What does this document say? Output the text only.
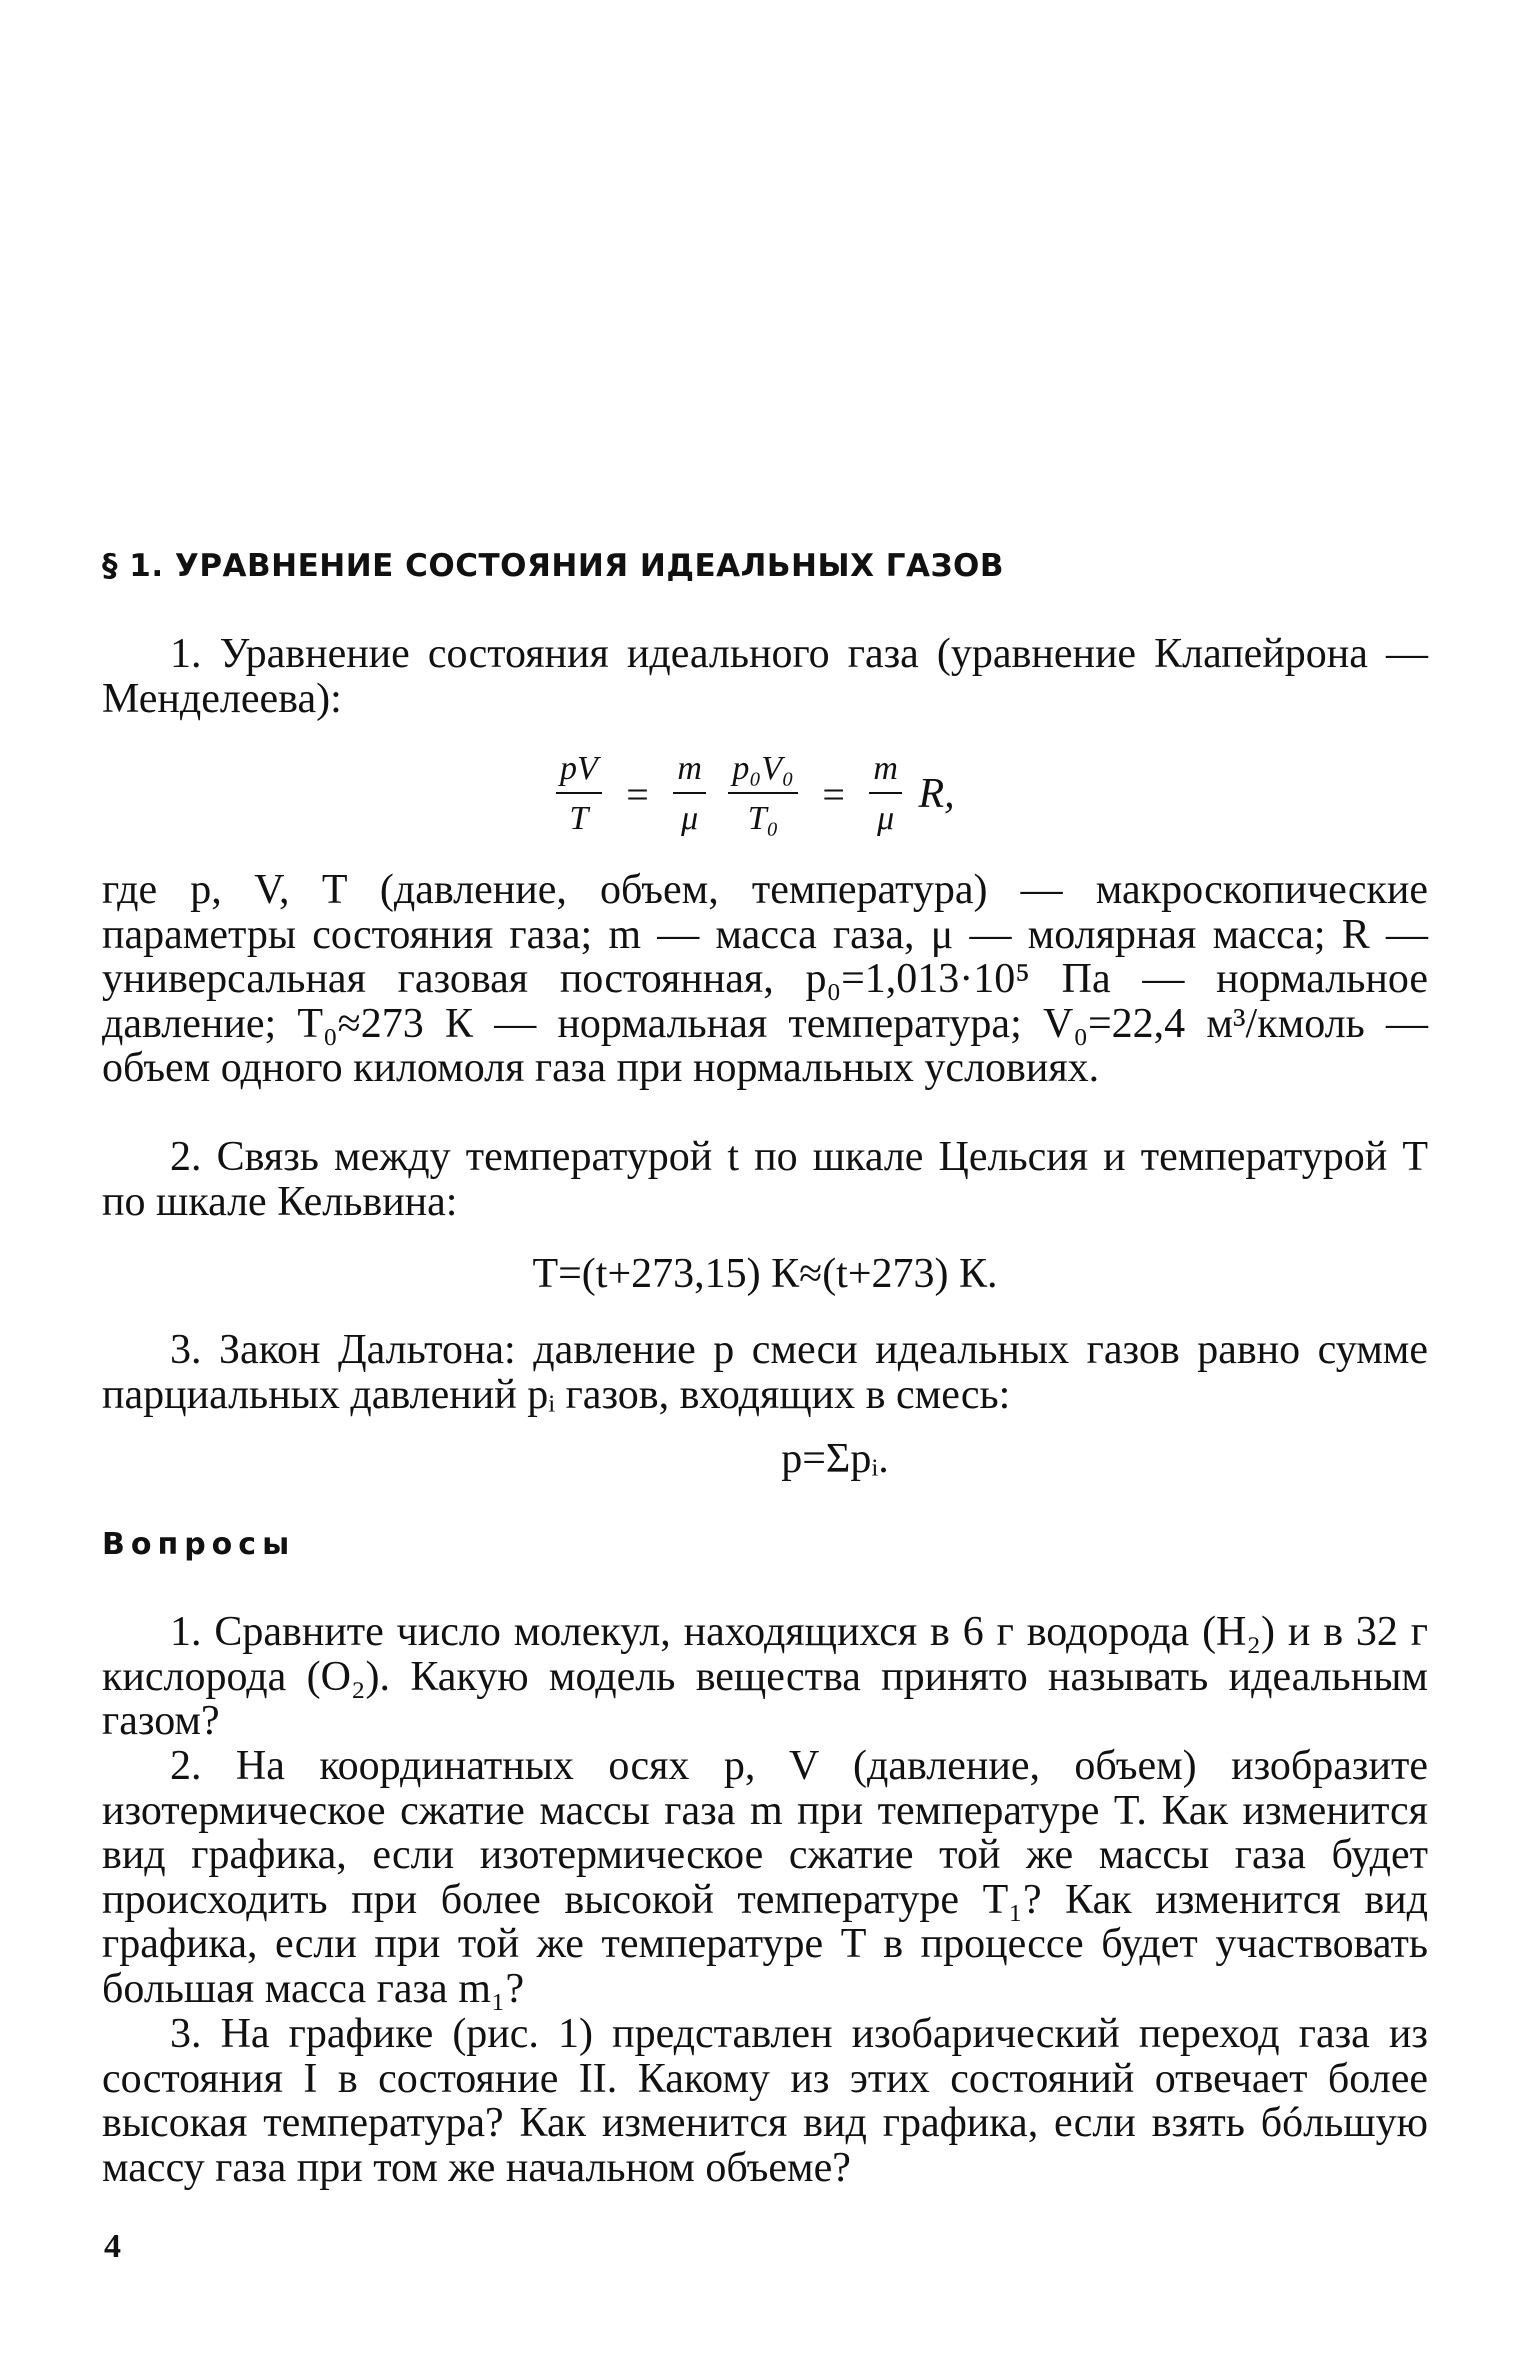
§ 1. УРАВНЕНИЕ СОСТОЯНИЯ ИДЕАЛЬНЫХ ГАЗОВ

1. Уравнение состояния идеального газа (уравнение Клапейрона — Менделеева):

$\frac{pV}{T} = \frac{m}{\mu}$
$\frac{\text{p₀V₀}}{\text{T₀}} = \frac{m}{\mu} R$,

где p, V, T (давление, объем, температура) — макроскопические параметры состояния газа; m — масса газа, μ — молярная масса; R — универсальная газовая постоянная, p₀=1,013·10⁵ Па — нормальное давление; T₀≈273 К — нормальная температура; V₀=22,4 м³/кмоль — объем одного киломоля газа при нормальных условиях.

2. Связь между температурой t по шкале Цельсия и температурой T по шкале Кельвина:

T=(t+273,15) К≈(t+273) К.

3. Закон Дальтона: давление p смеси идеальных газов равно сумме парциальных давлений pᵢ газов, входящих в смесь:

p=Σpᵢ.
Вопросы

1. Сравните число молекул, находящихся в 6 г водорода (H₂) и в 32 г кислорода (O₂). Какую модель вещества принято называть идеальным газом?

2. На координатных осях p, V (давление, объем) изобразите изотермическое сжатие массы газа m при температуре T. Как изменится вид графика, если изотермическое сжатие той же массы газа будет происходить при более высокой температуре T₁? Как изменится вид графика, если при той же температуре T в процессе будет участвовать большая масса газа m₁?

3. На графике (рис. 1) представлен изобарический переход газа из состояния I в состояние II. Какому из этих состояний отвечает более высокая температура? Как изменится вид графика, если взять бóльшую массу газа при том же начальном объеме?

4
